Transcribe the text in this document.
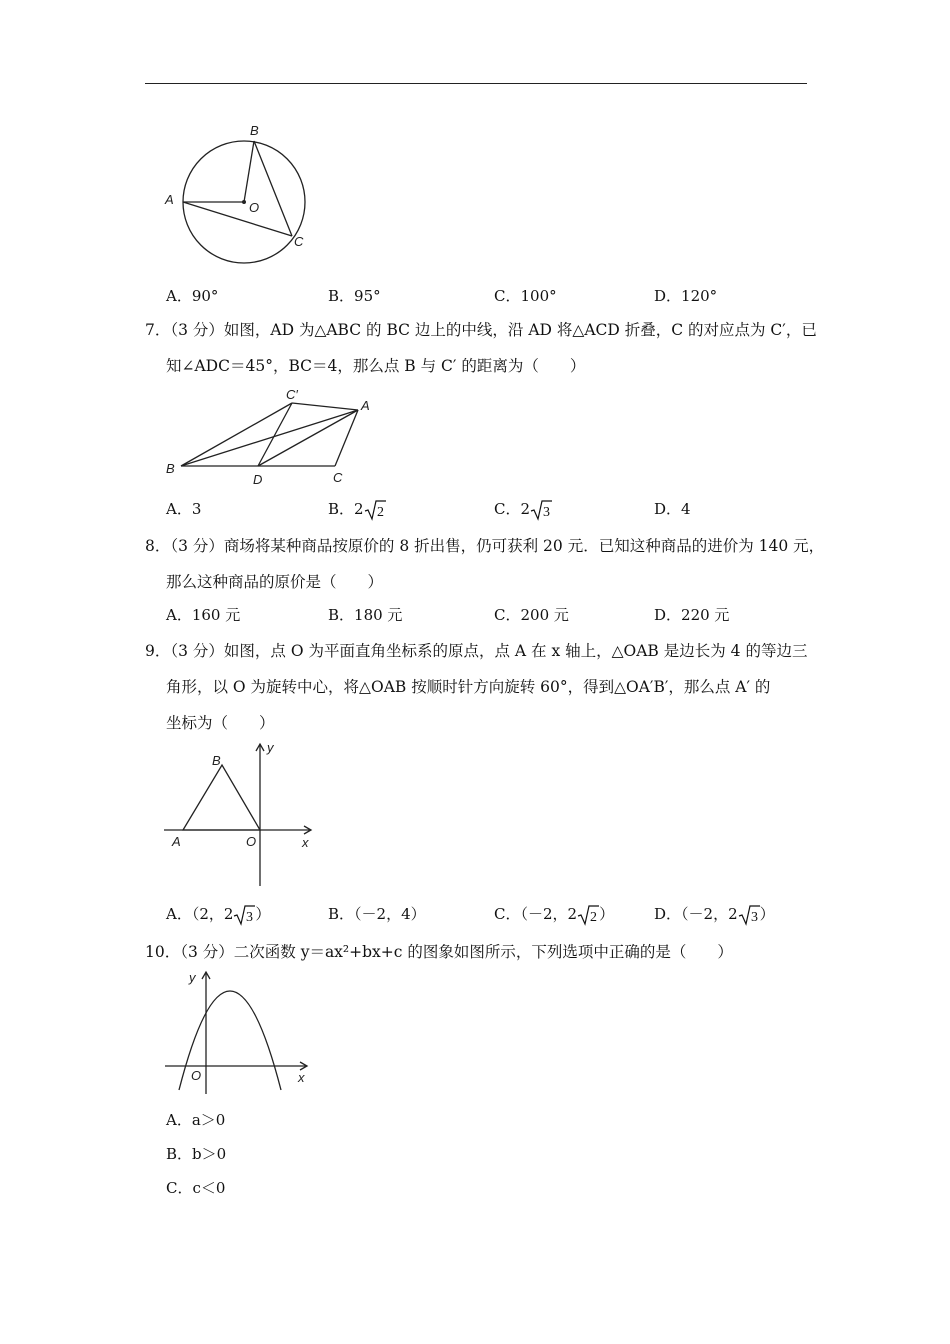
B
A
O
C
A．90°	B．95°	C．100°	D．120°
7．（3 分）如图，AD 为△ABC 的 BC 边上的中线，沿 AD 将△ACD 折叠，C 的对应点为 C′，已
知∠ADC＝45°，BC＝4，那么点 B 与 C′ 的距离为（　　）
C′
A
B
D	C
A．3	B．2 2	C．2 3	D．4
8．（3 分）商场将某种商品按原价的 8 折出售，仍可获利 20 元．已知这种商品的进价为 140 元，
那么这种商品的原价是（　　）
A．160 元	B．180 元	C．200 元	D．220 元
9．（3 分）如图，点 O 为平面直角坐标系的原点，点 A 在 x 轴上，△OAB 是边长为 4 的等边三
角形，以 O 为旋转中心，将△OAB 按顺时针方向旋转 60°，得到△OA′B′，那么点 A′ 的
坐标为（　　）
y
B
A	O	x
A．（2，2 3 ）	B．（－2，4）	C．（－2，2 2 ）	D．（－2，2 3 ）
10．（3 分）二次函数 y＝ax²+bx+c 的图象如图所示，下列选项中正确的是（　　）
y
O	x
A．a＞0
B．b＞0
C．c＜0
